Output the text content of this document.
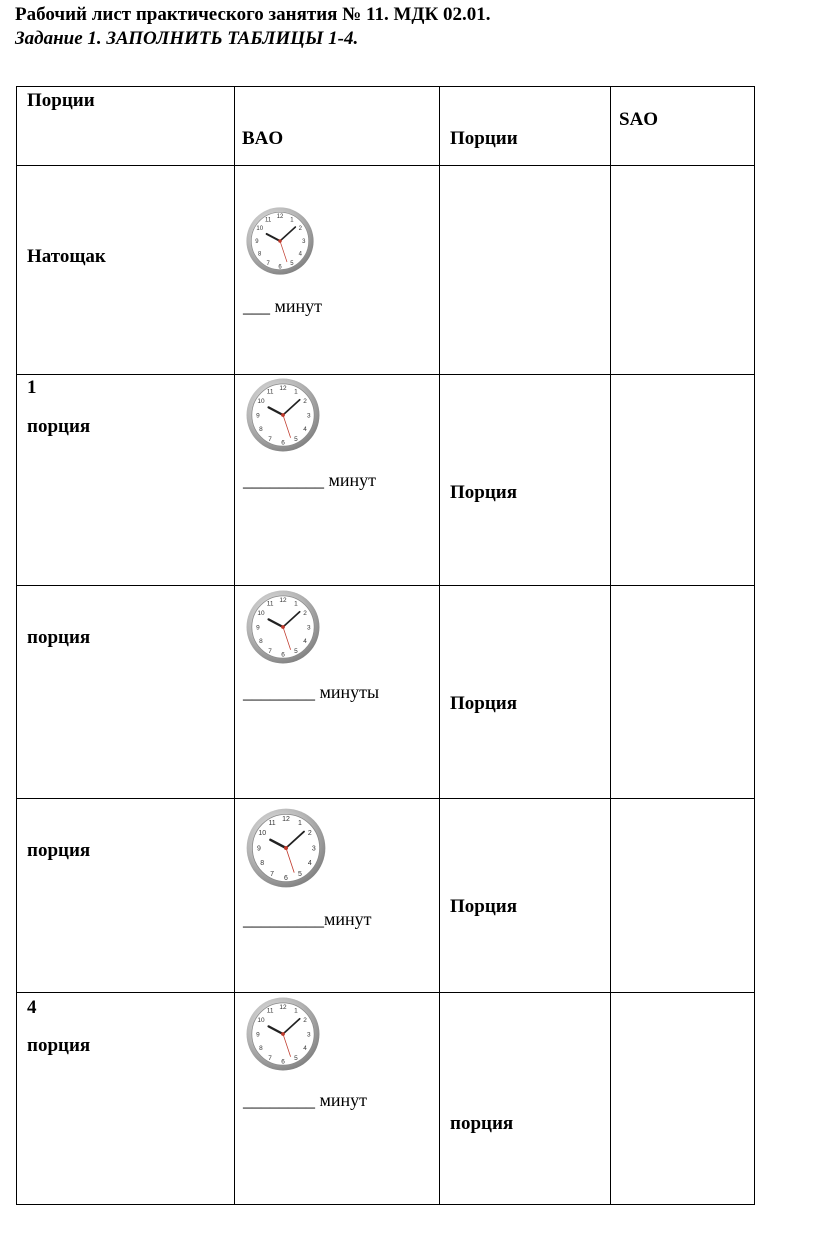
Рабочий лист практического занятия № 11. МДК 02.01.
Задание 1. ЗАПОЛНИТЬ ТАБЛИЦЫ 1-4.
Порции	BAO	Порции	SAO

Натощак	___ минут		

1
порция	_________ минут	Порция	

порция	________ минуты	Порция	

порция	_________минут	Порция	

4
порция	________ минут	порция	
